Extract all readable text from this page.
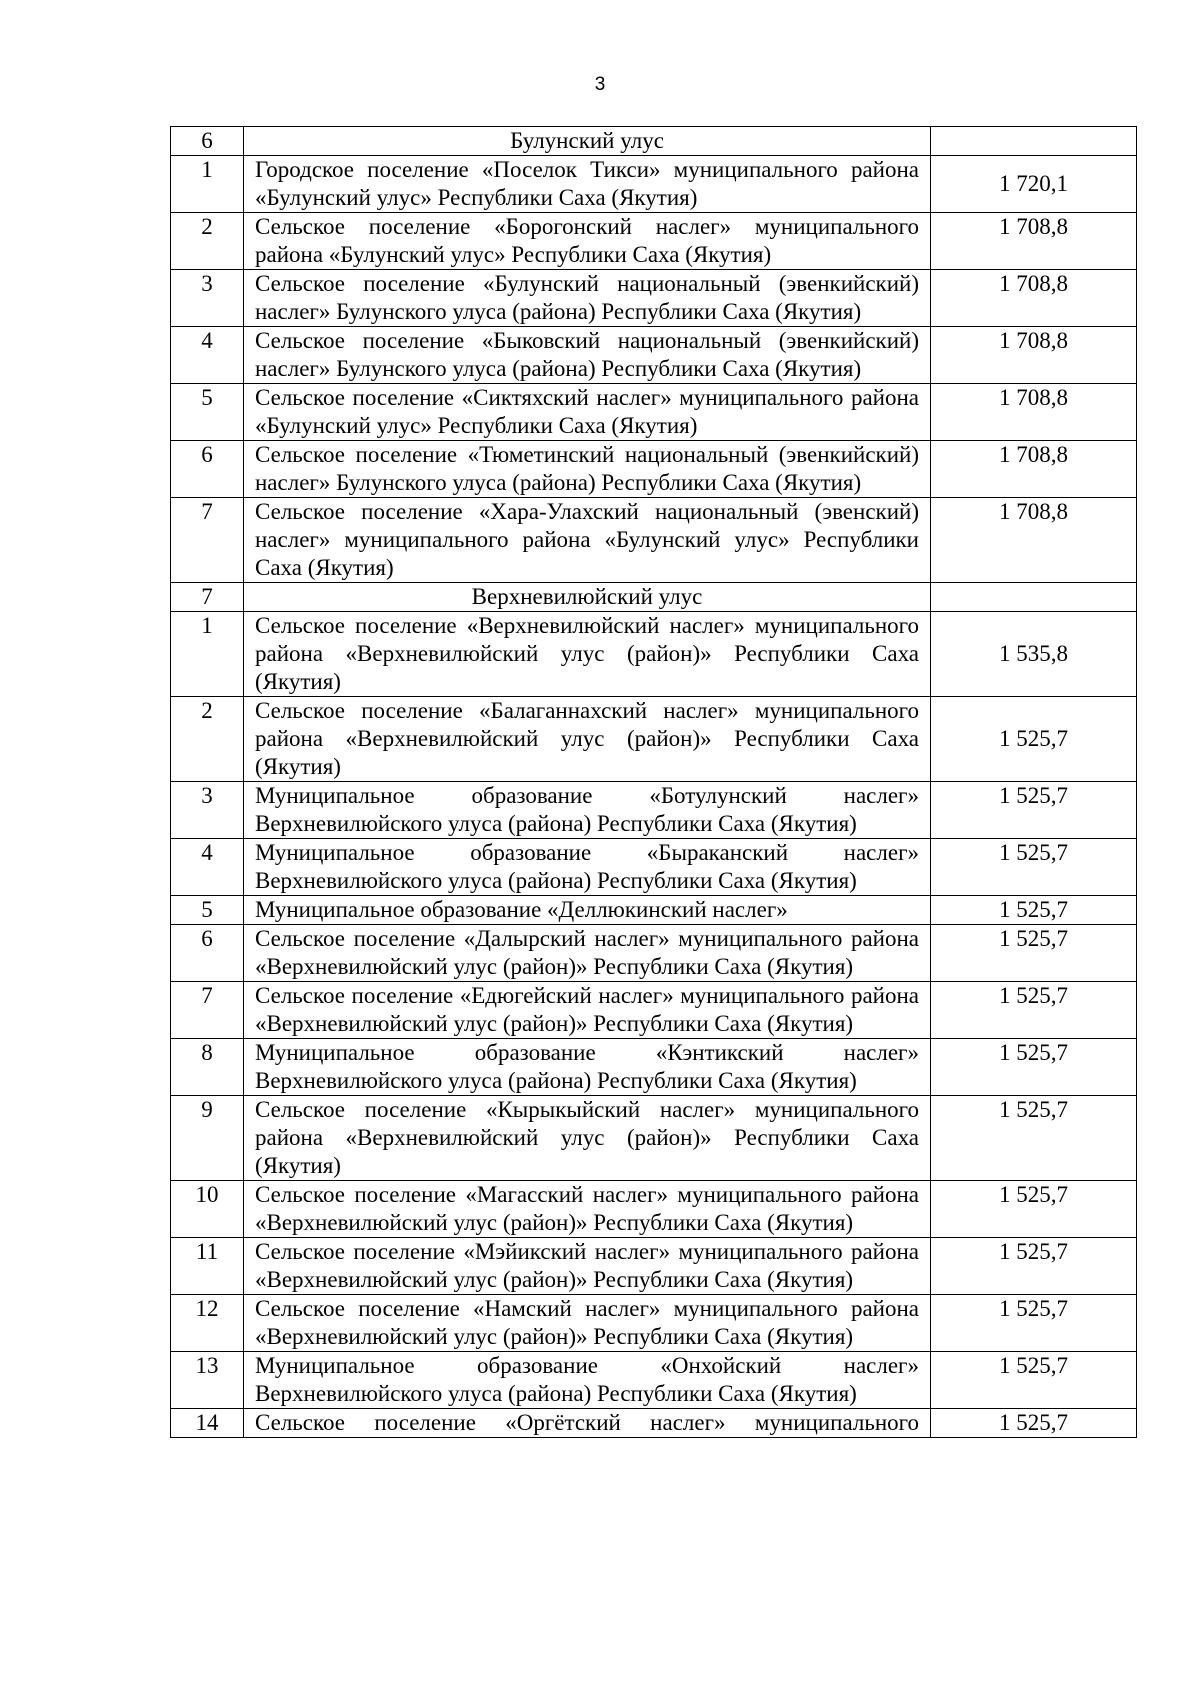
3
6	Булунский улус	
1	Городское поселение «Поселок Тикси» муниципального района «Булунский улус» Республики Саха (Якутия)	1 720,1
2	Сельское поселение «Борогонский наслег» муниципального района «Булунский улус» Республики Саха (Якутия)	1 708,8
3	Сельское поселение «Булунский национальный (эвенкийский) наслег» Булунского улуса (района) Республики Саха (Якутия)	1 708,8
4	Сельское поселение «Быковский национальный (эвенкийский) наслег» Булунского улуса (района) Республики Саха (Якутия)	1 708,8
5	Сельское поселение «Сиктяхский наслег» муниципального района «Булунский улус» Республики Саха (Якутия)	1 708,8
6	Сельское поселение «Тюметинский национальный (эвенкийский) наслег» Булунского улуса (района) Республики Саха (Якутия)	1 708,8
7	Сельское поселение «Хара-Улахский национальный (эвенский) наслег» муниципального района «Булунский улус» Республики Саха (Якутия)	1 708,8
7	Верхневилюйский улус	
1	Сельское поселение «Верхневилюйский наслег» муниципального района «Верхневилюйский улус (район)» Республики Саха (Якутия)	1 535,8
2	Сельское поселение «Балаганнахский наслег» муниципального района «Верхневилюйский улус (район)» Республики Саха (Якутия)	1 525,7
3	Муниципальное образование «Ботулунский наслег» Верхневилюйского улуса (района) Республики Саха (Якутия)	1 525,7
4	Муниципальное образование «Быраканский наслег» Верхневилюйского улуса (района) Республики Саха (Якутия)	1 525,7
5	Муниципальное образование «Деллюкинский наслег»	1 525,7
6	Сельское поселение «Далырский наслег» муниципального района «Верхневилюйский улус (район)» Республики Саха (Якутия)	1 525,7
7	Сельское поселение «Едюгейский наслег» муниципального района «Верхневилюйский улус (район)» Республики Саха (Якутия)	1 525,7
8	Муниципальное образование «Кэнтикский наслег» Верхневилюйского улуса (района) Республики Саха (Якутия)	1 525,7
9	Сельское поселение «Кырыкыйский наслег» муниципального района «Верхневилюйский улус (район)» Республики Саха (Якутия)	1 525,7
10	Сельское поселение «Магасский наслег» муниципального района «Верхневилюйский улус (район)» Республики Саха (Якутия)	1 525,7
11	Сельское поселение «Мэйикский наслег» муниципального района «Верхневилюйский улус (район)» Республики Саха (Якутия)	1 525,7
12	Сельское поселение «Намский наслег» муниципального района «Верхневилюйский улус (район)» Республики Саха (Якутия)	1 525,7
13	Муниципальное образование «Онхойский наслег» Верхневилюйского улуса (района) Республики Саха (Якутия)	1 525,7
14	Сельское поселение «Оргётский наслег» муниципального	1 525,7
